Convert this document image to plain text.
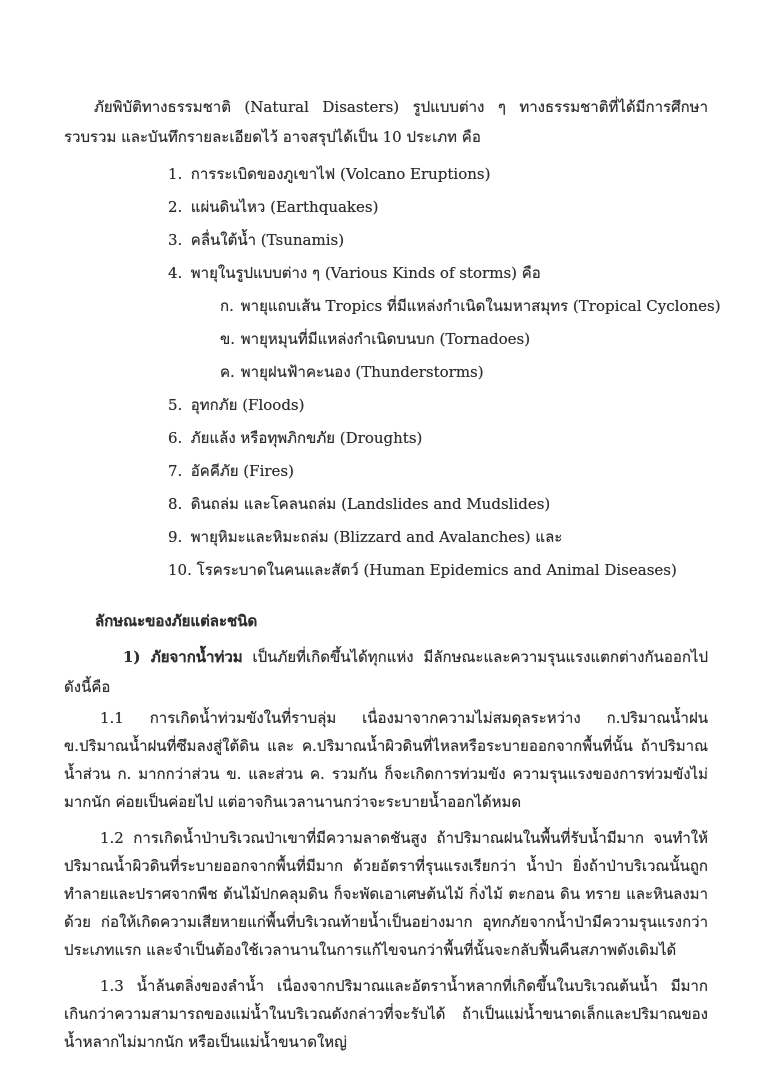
ภัยพิบัติทางธรรมชาติ (Natural Disasters) รูปแบบต่าง ๆ ทางธรรมชาติที่ได้มีการศึกษารวบรวม และบันทึกรายละเอียดไว้ อาจสรุปได้เป็น 10 ประเภท คือ

1. การระเบิดของภูเขาไฟ (Volcano Eruptions)
2. แผ่นดินไหว (Earthquakes)
3. คลื่นใต้น้ำ (Tsunamis)
4. พายุในรูปแบบต่าง ๆ (Various Kinds of storms) คือ
ก. พายุแถบเส้น Tropics ที่มีแหล่งกำเนิดในมหาสมุทร (Tropical Cyclones)
ข. พายุหมุนที่มีแหล่งกำเนิดบนบก (Tornadoes)
ค. พายุฝนฟ้าคะนอง (Thunderstorms)
5. อุทกภัย (Floods)
6. ภัยแล้ง หรือทุพภิกขภัย (Droughts)
7. อัคคีภัย (Fires)
8. ดินถล่ม และโคลนถล่ม (Landslides and Mudslides)
9. พายุหิมะและหิมะถล่ม (Blizzard and Avalanches) และ
10. โรคระบาดในคนและสัตว์ (Human Epidemics and Animal Diseases)
ลักษณะของภัยแต่ละชนิด

1) ภัยจากน้ำท่วม เป็นภัยที่เกิดขึ้นได้ทุกแห่ง มีลักษณะและความรุนแรงแตกต่างกันออกไป ดังนี้คือ

1.1 การเกิดน้ำท่วมขังในที่ราบลุ่ม เนื่องมาจากความไม่สมดุลระหว่าง ก.ปริมาณน้ำฝน ข.ปริมาณน้ำฝนที่ซึมลงสู่ใต้ดิน และ ค.ปริมาณน้ำผิวดินที่ไหลหรือระบายออกจากพื้นที่นั้น ถ้าปริมาณน้ำส่วน ก. มากกว่าส่วน ข. และส่วน ค. รวมกัน ก็จะเกิดการท่วมขัง ความรุนแรงของการท่วมขังไม่มากนัก ค่อยเป็นค่อยไป แต่อาจกินเวลานานกว่าจะระบายน้ำออกได้หมด

1.2 การเกิดน้ำป่าบริเวณป่าเขาที่มีความลาดชันสูง ถ้าปริมาณฝนในพื้นที่รับน้ำมีมาก จนทำให้ปริมาณน้ำผิวดินที่ระบายออกจากพื้นที่มีมาก ด้วยอัตราที่รุนแรงเรียกว่า น้ำป่า ยิ่งถ้าป่าบริเวณนั้นถูกทำลายและปราศจากพืช ต้นไม้ปกคลุมดิน ก็จะพัดเอาเศษต้นไม้ กิ่งไม้ ตะกอน ดิน ทราย และหินลงมาด้วย ก่อให้เกิดความเสียหายแก่พื้นที่บริเวณท้ายน้ำเป็นอย่างมาก อุทกภัยจากน้ำป่ามีความรุนแรงกว่าประเภทแรก และจำเป็นต้องใช้เวลานานในการแก้ไขจนกว่าพื้นที่นั้นจะกลับฟื้นคืนสภาพดังเดิมได้

1.3 น้ำล้นตลิ่งของลำน้ำ เนื่องจากปริมาณและอัตราน้ำหลากที่เกิดขึ้นในบริเวณต้นน้ำ มีมากเกินกว่าความสามารถของแม่น้ำในบริเวณดังกล่าวที่จะรับได้ ถ้าเป็นแม่น้ำขนาดเล็กและปริมาณของน้ำหลากไม่มากนัก หรือเป็นแม่น้ำขนาดใหญ่
